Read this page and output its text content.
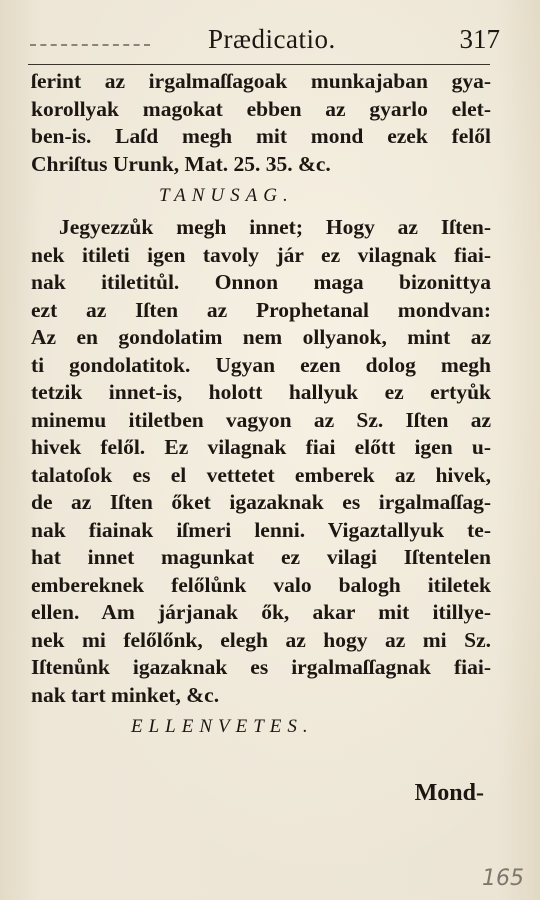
Prædicatio.	317
ſerint az irgalmaſſagoak munkajaban gya-
korollyak magokat ebben az gyarlo elet-
ben-is. Laſd megh mit mond ezek felől
Chriſtus Urunk, Mat. 25. 35. &c.
TANUSAG.
Jegyezzůk megh innet; Hogy az Iſten-
nek itileti igen tavoly jár ez vilagnak fiai-
nak itiletitůl. Onnon maga bizonittya
ezt az Iſten az Prophetanal mondvan:
Az en gondolatim nem ollyanok, mint az
ti gondolatitok. Ugyan ezen dolog megh
tetzik innet-is, holott hallyuk ez ertyůk
minemu itiletben vagyon az Sz. Iſten az
hivek felől. Ez vilagnak fiai előtt igen u-
talatoſok es el vettetet emberek az hivek,
de az Iſten őket igazaknak es irgalmaſſag-
nak fiainak iſmeri lenni. Vigaztallyuk te-
hat innet magunkat ez vilagi Iſtentelen
embereknek felőlůnk valo balogh itiletek
ellen. Am járjanak ők, akar mit itillye-
nek mi felőlőnk, elegh az hogy az mi Sz.
Iſtenůnk igazaknak es irgalmaſſagnak fiai-
nak tart minket, &c.
ELLENVETES.
Mond-
165
